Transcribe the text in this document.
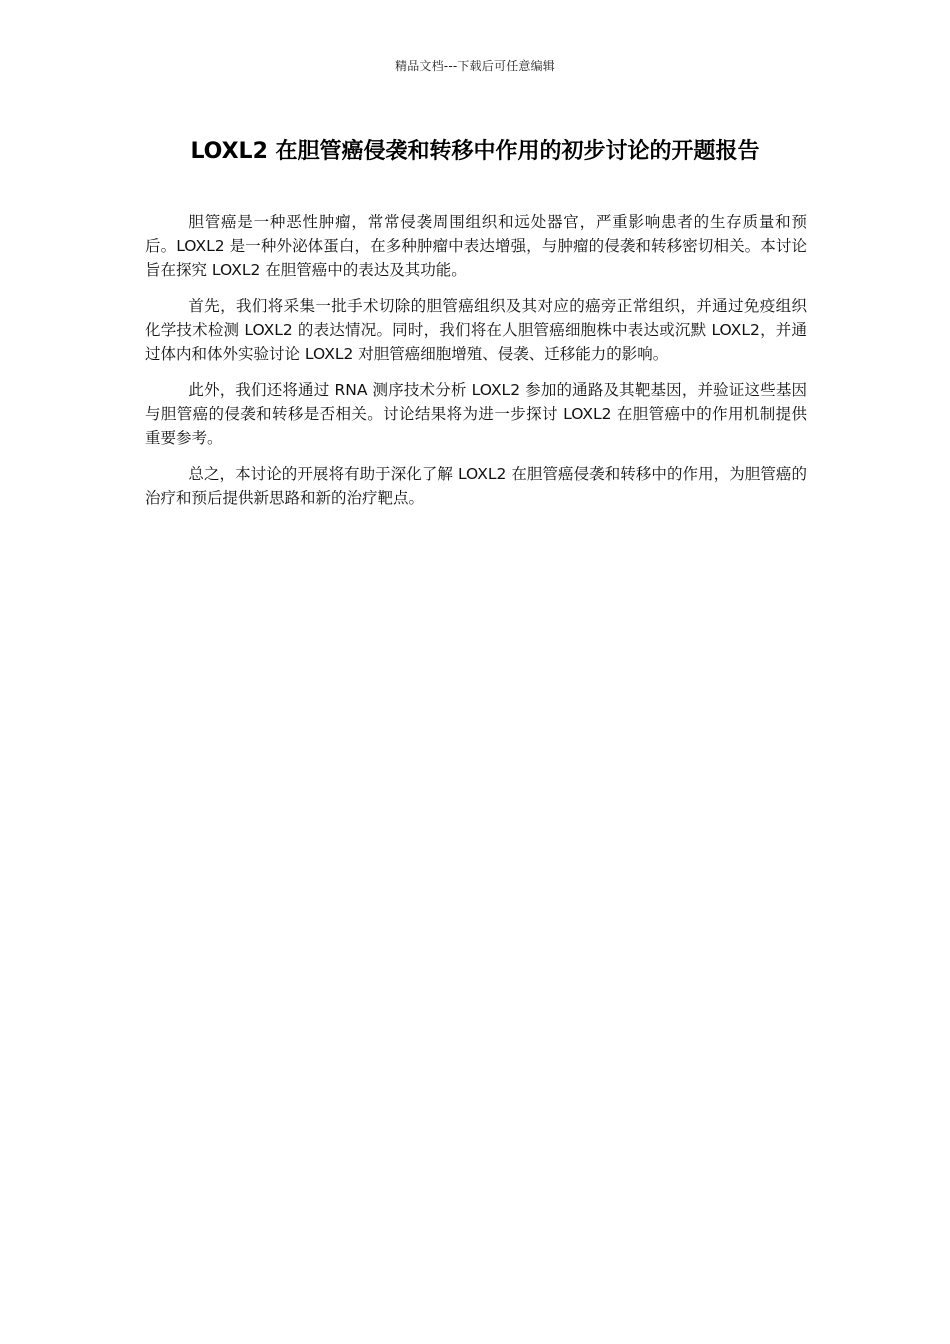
精品文档---下载后可任意编辑
LOXL2 在胆管癌侵袭和转移中作用的初步讨论的开题报告

胆管癌是一种恶性肿瘤，常常侵袭周围组织和远处器官，严重影响患者的生存质量和预后。LOXL2 是一种外泌体蛋白，在多种肿瘤中表达增强，与肿瘤的侵袭和转移密切相关。本讨论旨在探究 LOXL2 在胆管癌中的表达及其功能。

首先，我们将采集一批手术切除的胆管癌组织及其对应的癌旁正常组织，并通过免疫组织化学技术检测 LOXL2 的表达情况。同时，我们将在人胆管癌细胞株中表达或沉默 LOXL2，并通过体内和体外实验讨论 LOXL2 对胆管癌细胞增殖、侵袭、迁移能力的影响。

此外，我们还将通过 RNA 测序技术分析 LOXL2 参加的通路及其靶基因，并验证这些基因与胆管癌的侵袭和转移是否相关。讨论结果将为进一步探讨 LOXL2 在胆管癌中的作用机制提供重要参考。

总之，本讨论的开展将有助于深化了解 LOXL2 在胆管癌侵袭和转移中的作用，为胆管癌的治疗和预后提供新思路和新的治疗靶点。
